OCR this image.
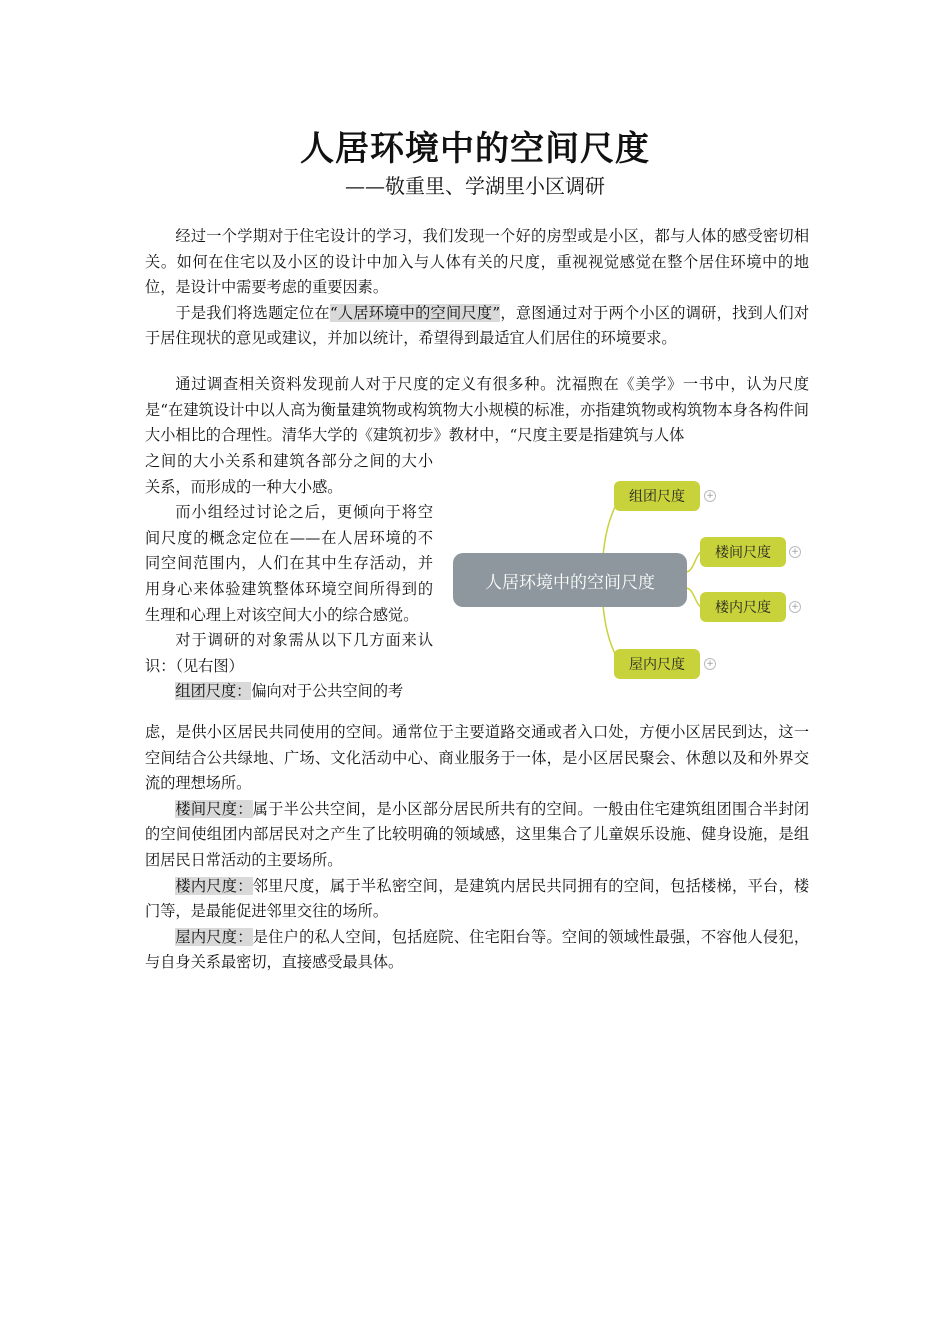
人居环境中的空间尺度
——敬重里、学湖里小区调研

经过一个学期对于住宅设计的学习，我们发现一个好的房型或是小区，都与人体的感受密切相关。如何在住宅以及小区的设计中加入与人体有关的尺度，重视视觉感觉在整个居住环境中的地位，是设计中需要考虑的重要因素。

于是我们将选题定位在“人居环境中的空间尺度”，意图通过对于两个小区的调研，找到人们对于居住现状的意见或建议，并加以统计，希望得到最适宜人们居住的环境要求。

通过调查相关资料发现前人对于尺度的定义有很多种。沈福煦在《美学》一书中，认为尺度是“在建筑设计中以人高为衡量建筑物或构筑物大小规模的标准，亦指建筑物或构筑物本身各构件间大小相比的合理性。清华大学的《建筑初步》教材中，“尺度主要是指建筑与人体

之间的大小关系和建筑各部分之间的大小关系，而形成的一种大小感。

而小组经过讨论之后，更倾向于将空间尺度的概念定位在——在人居环境的不同空间范围内，人们在其中生存活动，并用身心来体验建筑整体环境空间所得到的生理和心理上对该空间大小的综合感觉。

对于调研的对象需从以下几方面来认识：（见右图）

组团尺度：偏向对于公共空间的考

人居环境中的空间尺度
组团尺度	+
楼间尺度	+
楼内尺度	+
屋内尺度	+

虑，是供小区居民共同使用的空间。通常位于主要道路交通或者入口处，方便小区居民到达，这一空间结合公共绿地、广场、文化活动中心、商业服务于一体，是小区居民聚会、休憩以及和外界交流的理想场所。

楼间尺度：属于半公共空间，是小区部分居民所共有的空间。一般由住宅建筑组团围合半封闭的空间使组团内部居民对之产生了比较明确的领域感，这里集合了儿童娱乐设施、健身设施，是组团居民日常活动的主要场所。

楼内尺度：邻里尺度，属于半私密空间，是建筑内居民共同拥有的空间，包括楼梯，平台，楼门等，是最能促进邻里交往的场所。

屋内尺度：是住户的私人空间，包括庭院、住宅阳台等。空间的领域性最强，不容他人侵犯，与自身关系最密切，直接感受最具体。
